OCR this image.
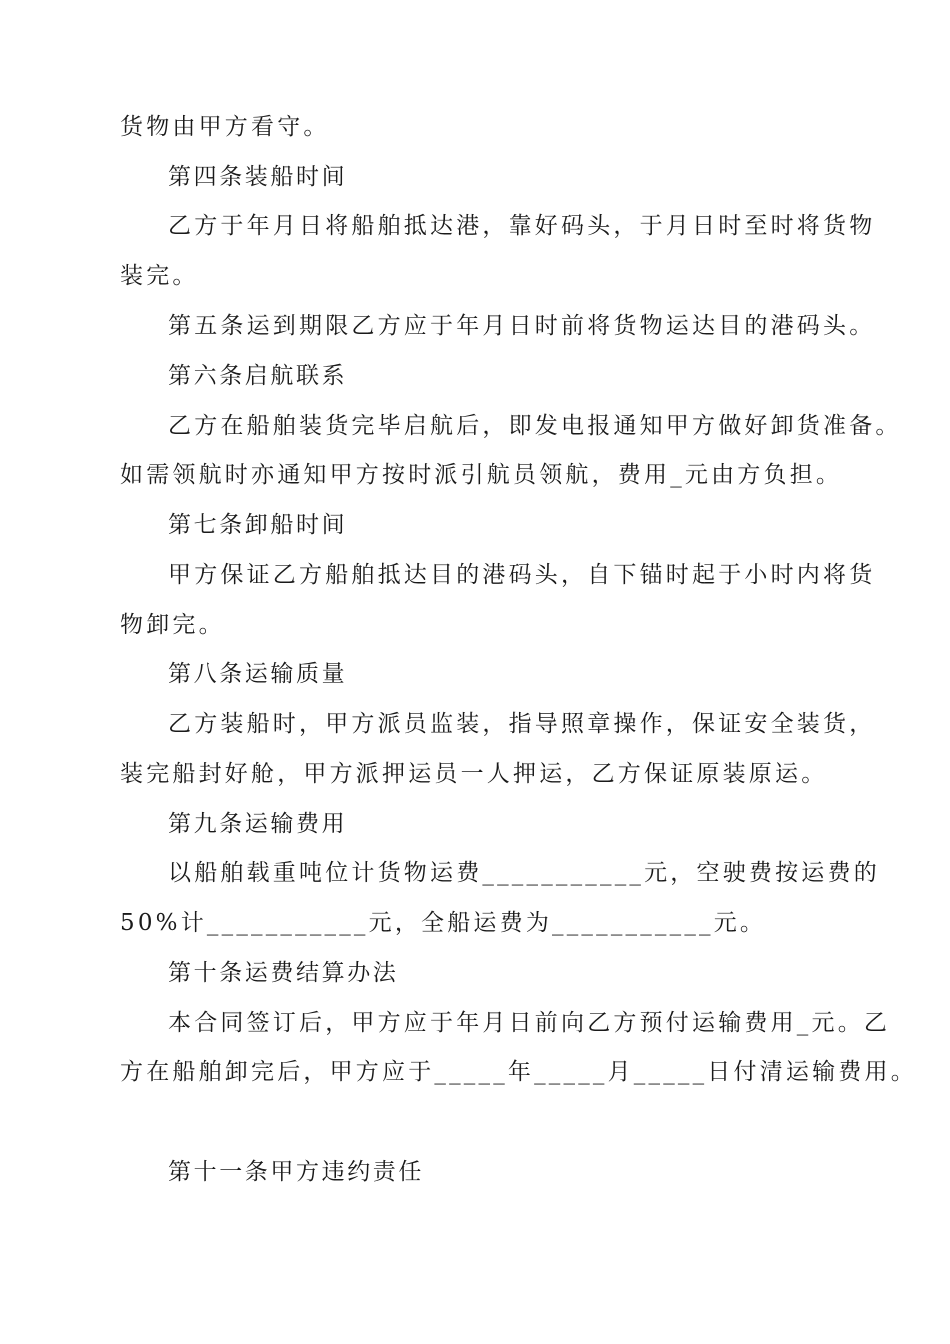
货物由甲方看守。
第四条装船时间
乙方于年月日将船舶抵达港，靠好码头，于月日时至时将货物
装完。
第五条运到期限乙方应于年月日时前将货物运达目的港码头。
第六条启航联系
乙方在船舶装货完毕启航后，即发电报通知甲方做好卸货准备。
如需领航时亦通知甲方按时派引航员领航，费用_元由方负担。
第七条卸船时间
甲方保证乙方船舶抵达目的港码头，自下锚时起于小时内将货
物卸完。
第八条运输质量
乙方装船时，甲方派员监装，指导照章操作，保证安全装货，
装完船封好舱，甲方派押运员一人押运，乙方保证原装原运。
第九条运输费用
以船舶载重吨位计货物运费___________元，空驶费按运费的
50%计___________元，全船运费为___________元。
第十条运费结算办法
本合同签订后，甲方应于年月日前向乙方预付运输费用_元。乙
方在船舶卸完后，甲方应于_____年_____月_____日付清运输费用。
第十一条甲方违约责任
